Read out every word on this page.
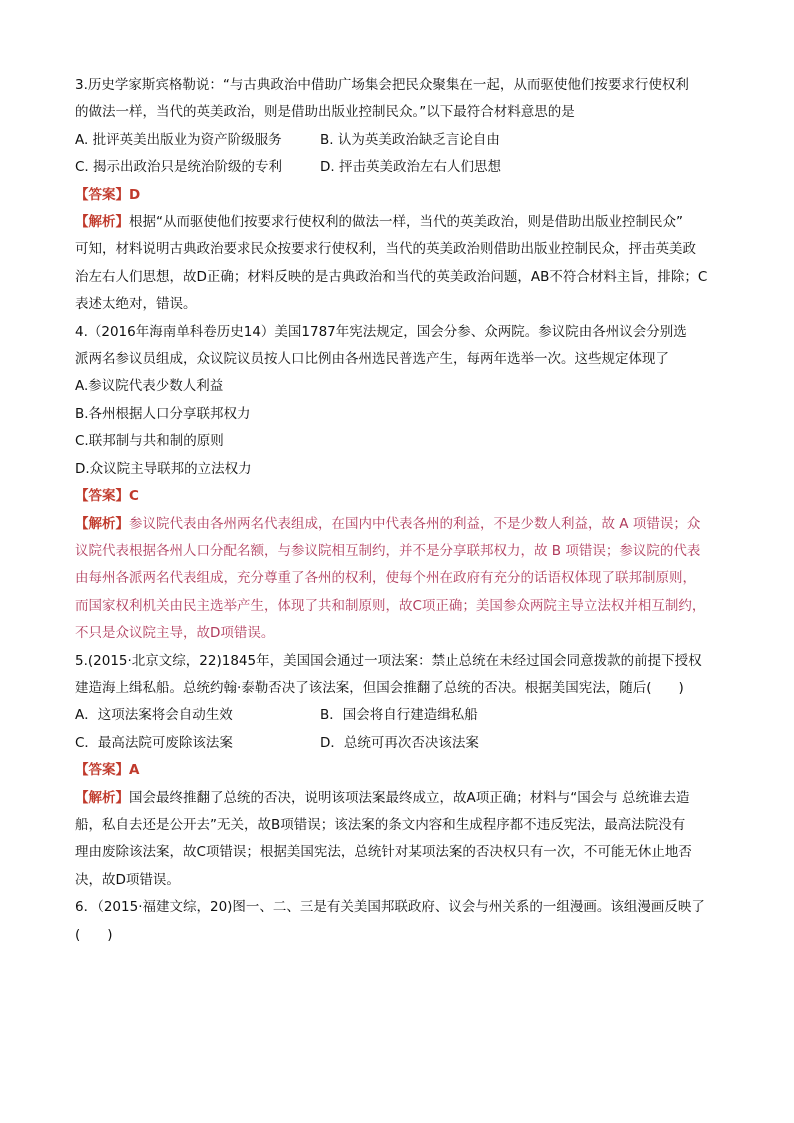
3.历史学家斯宾格勒说：“与古典政治中借助广场集会把民众聚集在一起，从而驱使他们按要求行使权利
的做法一样，当代的英美政治，则是借助出版业控制民众。”以下最符合材料意思的是
A. 批评英美出版业为资产阶级服务	B. 认为英美政治缺乏言论自由
C. 揭示出政治只是统治阶级的专利	D. 抨击英美政治左右人们思想
【答案】D
【解析】根据“从而驱使他们按要求行使权利的做法一样，当代的英美政治，则是借助出版业控制民众”
可知，材料说明古典政治要求民众按要求行使权利，当代的英美政治则借助出版业控制民众，抨击英美政
治左右人们思想，故D正确；材料反映的是古典政治和当代的英美政治问题，AB不符合材料主旨，排除；C
表述太绝对，错误。
4.（2016年海南单科卷历史14）美国1787年宪法规定，国会分参、众两院。参议院由各州议会分别选
派两名参议员组成，众议院议员按人口比例由各州选民普选产生，每两年选举一次。这些规定体现了
A.参议院代表少数人利益
B.各州根据人口分享联邦权力
C.联邦制与共和制的原则
D.众议院主导联邦的立法权力
【答案】C
【解析】参议院代表由各州两名代表组成，在国内中代表各州的利益，不是少数人利益，故 A 项错误；众
议院代表根据各州人口分配名额，与参议院相互制约，并不是分享联邦权力，故 B 项错误；参议院的代表
由每州各派两名代表组成，充分尊重了各州的权利，使每个州在政府有充分的话语权体现了联邦制原则，
而国家权利机关由民主选举产生，体现了共和制原则，故C项正确；美国参众两院主导立法权并相互制约，
不只是众议院主导，故D项错误。
5.(2015·北京文综，22)1845年，美国国会通过一项法案：禁止总统在未经过国会同意拨款的前提下授权
建造海上缉私船。总统约翰·泰勒否决了该法案，但国会推翻了总统的否决。根据美国宪法，随后(　　)
A．这项法案将会自动生效	B．国会将自行建造缉私船
C．最高法院可废除该法案	D．总统可再次否决该法案
【答案】A
【解析】国会最终推翻了总统的否决，说明该项法案最终成立，故A项正确；材料与“国会与 总统谁去造
船，私自去还是公开去”无关，故B项错误；该法案的条文内容和生成程序都不违反宪法，最高法院没有
理由废除该法案，故C项错误；根据美国宪法，总统针对某项法案的否决权只有一次，不可能无休止地否
决，故D项错误。
6．（2015·福建文综，20)图一、二、三是有关美国邦联政府、议会与州关系的一组漫画。该组漫画反映了
(　　)
